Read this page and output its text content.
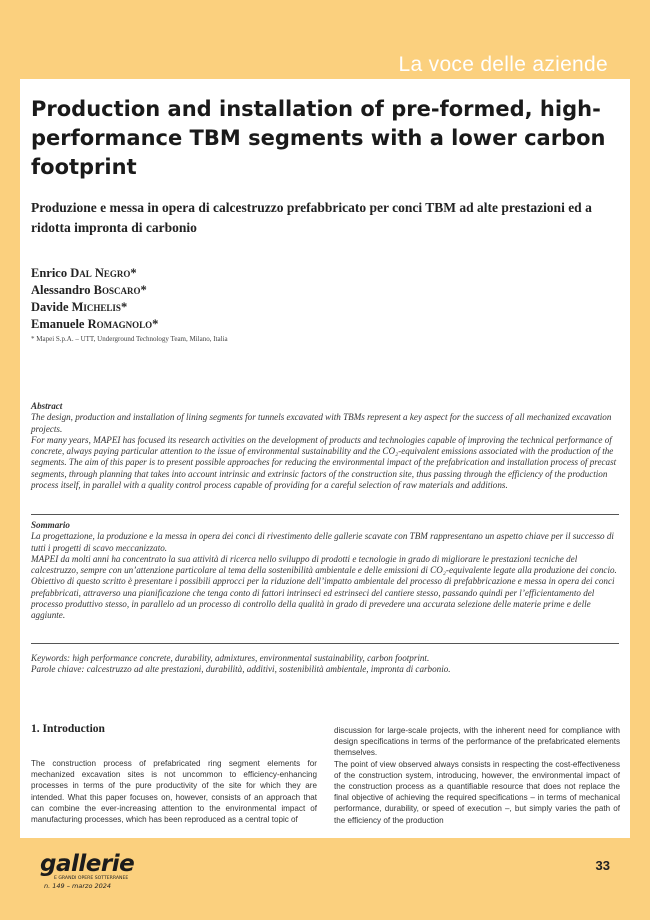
La voce delle aziende
Production and installation of pre-formed, high-performance TBM segments with a lower carbon footprint
Produzione e messa in opera di calcestruzzo prefabbricato per conci TBM ad alte prestazioni ed a ridotta impronta di carbonio
Enrico Dal Negro*
Alessandro Boscaro*
Davide Michelis*
Emanuele Romagnolo*
* Mapei S.p.A. – UTT, Underground Technology Team, Milano, Italia

Abstract

The design, production and installation of lining segments for tunnels excavated with TBMs represent a key aspect for the success of all mechanized excavation projects.

For many years, MAPEI has focused its research activities on the development of products and technologies capable of improving the technical performance of concrete, always paying particular attention to the issue of environmental sustainability and the CO₂-equivalent emissions associated with the production of the segments. The aim of this paper is to present possible approaches for reducing the environmental impact of the prefabrication and installation process of precast segments, through planning that takes into account intrinsic and extrinsic factors of the construction site, thus passing through the efficiency of the production process itself, in parallel with a quality control process capable of providing for a careful selection of raw materials and additions.

Sommario

La progettazione, la produzione e la messa in opera dei conci di rivestimento delle gallerie scavate con TBM rappresentano un aspetto chiave per il successo di tutti i progetti di scavo meccanizzato.

MAPEI da molti anni ha concentrato la sua attività di ricerca nello sviluppo di prodotti e tecnologie in grado di migliorare le prestazioni tecniche del calcestruzzo, sempre con un’attenzione particolare al tema della sostenibilità ambientale e delle emissioni di CO₂-equivalente legate alla produzione dei concio.

Obiettivo di questo scritto è presentare i possibili approcci per la riduzione dell’impatto ambientale del processo di prefabbricazione e messa in opera dei conci prefabbricati, attraverso una pianificazione che tenga conto di fattori intrinseci ed estrinseci del cantiere stesso, passando quindi per l’efficientamento del processo produttivo stesso, in parallelo ad un processo di controllo della qualità in grado di prevedere una accurata selezione delle materie prime e delle aggiunte.

Keywords: high performance concrete, durability, admixtures, environmental sustainability, carbon footprint.

Parole chiave: calcestruzzo ad alte prestazioni, durabilità, additivi, sostenibilità ambientale, impronta di carbonio.

1. Introduction

The construction process of prefabricated ring segment elements for mechanized excavation sites is not uncommon to efficiency-enhancing processes in terms of the pure productivity of the site for which they are intended. What this paper focuses on, however, consists of an approach that can combine the ever-increasing attention to the environmental impact of manufacturing processes, which has been reproduced as a central topic of

discussion for large-scale projects, with the inherent need for compliance with design specifications in terms of the performance of the prefabricated elements themselves.

The point of view observed always consists in respecting the cost-effectiveness of the construction system, introducing, however, the environmental impact of the construction process as a quantifiable resource that does not replace the final objective of achieving the required specifications – in terms of mechanical performance, durability, or speed of execution –, but simply varies the path of the efficiency of the production

gallerie
E GRANDI OPERE SOTTERRANEE
n. 149 – marzo 2024
33
